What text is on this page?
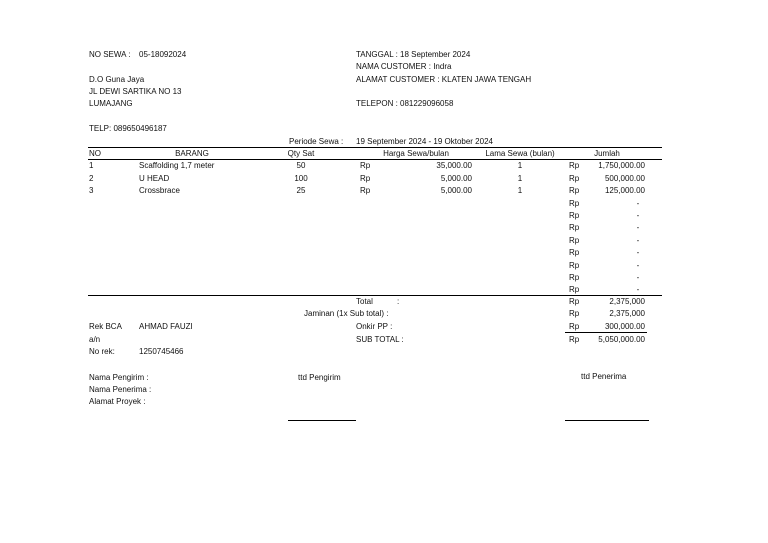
NO SEWA : 05-18092024	TANGGAL : 18 September 2024
NAMA CUSTOMER : Indra
D.O Guna Jaya	ALAMAT CUSTOMER : KLATEN JAWA TENGAH
JL DEWI SARTIKA NO 13
LUMAJANG	TELEPON : 081229096058
TELP: 089650496187
Periode Sewa : 19 September 2024 - 19 Oktober 2024
NO	BARANG	Qty Sat	Harga Sewa/bulan	Lama Sewa (bulan)	Jumlah
1	Scaffolding 1,7 meter	50	Rp	35,000.00	1	Rp	1,750,000.00
2	U HEAD	100	Rp	5,000.00	1	Rp	500,000.00
3	Crossbrace	25	Rp	5,000.00	1	Rp	125,000.00
Rp	-
Rp	-
Rp	-
Rp	-
Rp	-
Rp	-
Rp	-
Rp	-
Total	:	Rp	2,375,000
Jaminan (1x Sub total) :	Rp	2,375,000
Rek BCA AHMAD FAUZI	Onkir PP :	Rp	300,000.00
a/n	SUB TOTAL :	Rp	5,050,000.00
No rek:	1250745466
Nama Pengirim :	ttd Pengirim	ttd Penerima
Nama Penerima :
Alamat Proyek :
